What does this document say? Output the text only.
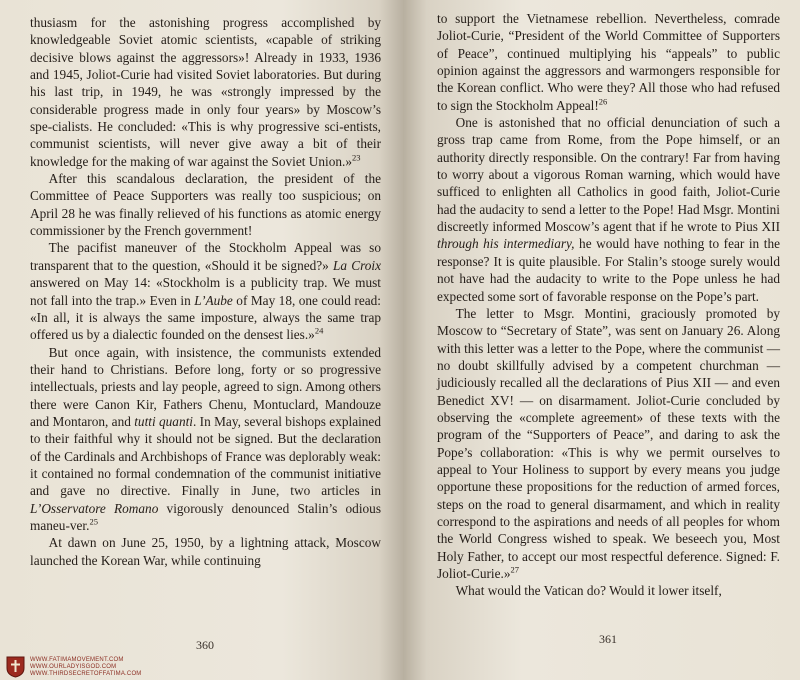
thusiasm for the astonishing progress accomplished by knowledgeable Soviet atomic scientists, «capable of striking decisive blows against the aggressors»! Already in 1933, 1936 and 1945, Joliot-Curie had visited Soviet laboratories. But during his last trip, in 1949, he was «strongly impressed by the considerable progress made in only four years» by Moscow’s spe-cialists. He concluded: «This is why progressive sci-entists, communist scientists, will never give away a bit of their knowledge for the making of war against the Soviet Union.»$^{23}$

After this scandalous declaration, the president of the Committee of Peace Supporters was really too suspicious; on April 28 he was finally relieved of his functions as atomic energy commissioner by the French government!

The pacifist maneuver of the Stockholm Appeal was so transparent that to the question, «Should it be signed?» La Croix answered on May 14: «Stockholm is a publicity trap. We must not fall into the trap.» Even in L’Aube of May 18, one could read: «In all, it is always the same imposture, always the same trap offered us by a dialectic founded on the densest lies.»$^{24}$

But once again, with insistence, the communists extended their hand to Christians. Before long, forty or so progressive intellectuals, priests and lay people, agreed to sign. Among others there were Canon Kir, Fathers Chenu, Montuclard, Mandouze and Montaron, and tutti quanti. In May, several bishops explained to their faithful why it should not be signed. But the declaration of the Cardinals and Archbishops of France was deplorably weak: it contained no formal condemnation of the communist initiative and gave no directive. Finally in June, two articles in L’Osservatore Romano vigorously denounced Stalin’s odious maneu-ver.$^{25}$

At dawn on June 25, 1950, by a lightning attack, Moscow launched the Korean War, while continuing

360

to support the Vietnamese rebellion. Nevertheless, comrade Joliot-Curie, “President of the World Committee of Supporters of Peace”, continued multiplying his “appeals” to public opinion against the aggressors and warmongers responsible for the Korean conflict. Who were they? All those who had refused to sign the Stockholm Appeal!$^{26}$

One is astonished that no official denunciation of such a gross trap came from Rome, from the Pope himself, or an authority directly responsible. On the contrary! Far from having to worry about a vigorous Roman warning, which would have sufficed to enlighten all Catholics in good faith, Joliot-Curie had the audacity to send a letter to the Pope! Had Msgr. Montini discreetly informed Moscow’s agent that if he wrote to Pius XII through his intermediary, he would have nothing to fear in the response? It is quite plausible. For Stalin’s stooge surely would not have had the audacity to write to the Pope unless he had expected some sort of favorable response on the Pope’s part.

The letter to Msgr. Montini, graciously promoted by Moscow to “Secretary of State”, was sent on January 26. Along with this letter was a letter to the Pope, where the communist — no doubt skillfully advised by a competent churchman — judiciously recalled all the declarations of Pius XII — and even Benedict XV! — on disarmament. Joliot-Curie concluded by observing the «complete agreement» of these texts with the program of the “Supporters of Peace”, and daring to ask the Pope’s collaboration: «This is why we permit ourselves to appeal to Your Holiness to support by every means you judge opportune these propositions for the reduction of armed forces, steps on the road to general disarmament, and which in reality correspond to the aspirations and needs of all peoples for whom the World Congress wished to speak. We beseech you, Most Holy Father, to accept our most respectful deference. Signed: F. Joliot-Curie.»$^{27}$

What would the Vatican do? Would it lower itself,

361
WWW.FATIMAMOVEMENT.COM
WWW.OURLADYISGOD.COM
WWW.THIRDSECRETOFFATIMA.COM
